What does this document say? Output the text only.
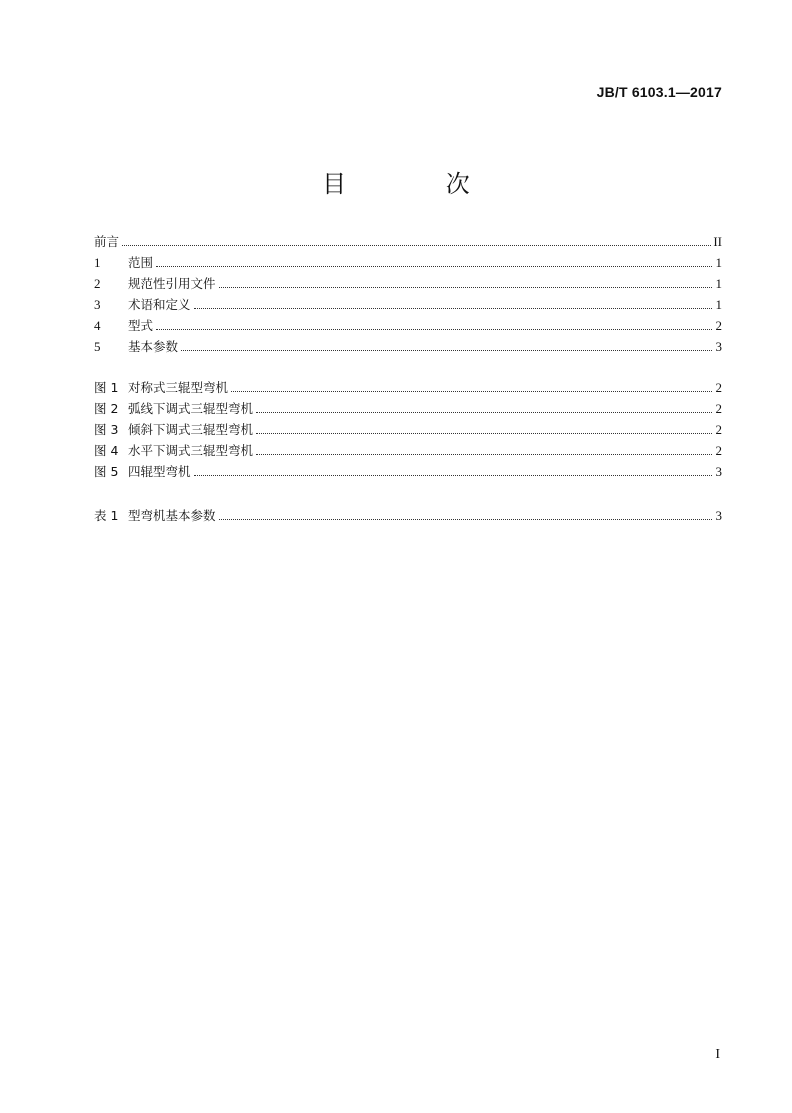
JB/T 6103.1—2017
目 次
前言	II
1	范围	1
2	规范性引用文件	1
3	术语和定义	1
4	型式	2
5	基本参数	3
图 1 对称式三辊型弯机	2
图 2 弧线下调式三辊型弯机	2
图 3 倾斜下调式三辊型弯机	2
图 4 水平下调式三辊型弯机	2
图 5 四辊型弯机	3
表 1 型弯机基本参数	3
I
